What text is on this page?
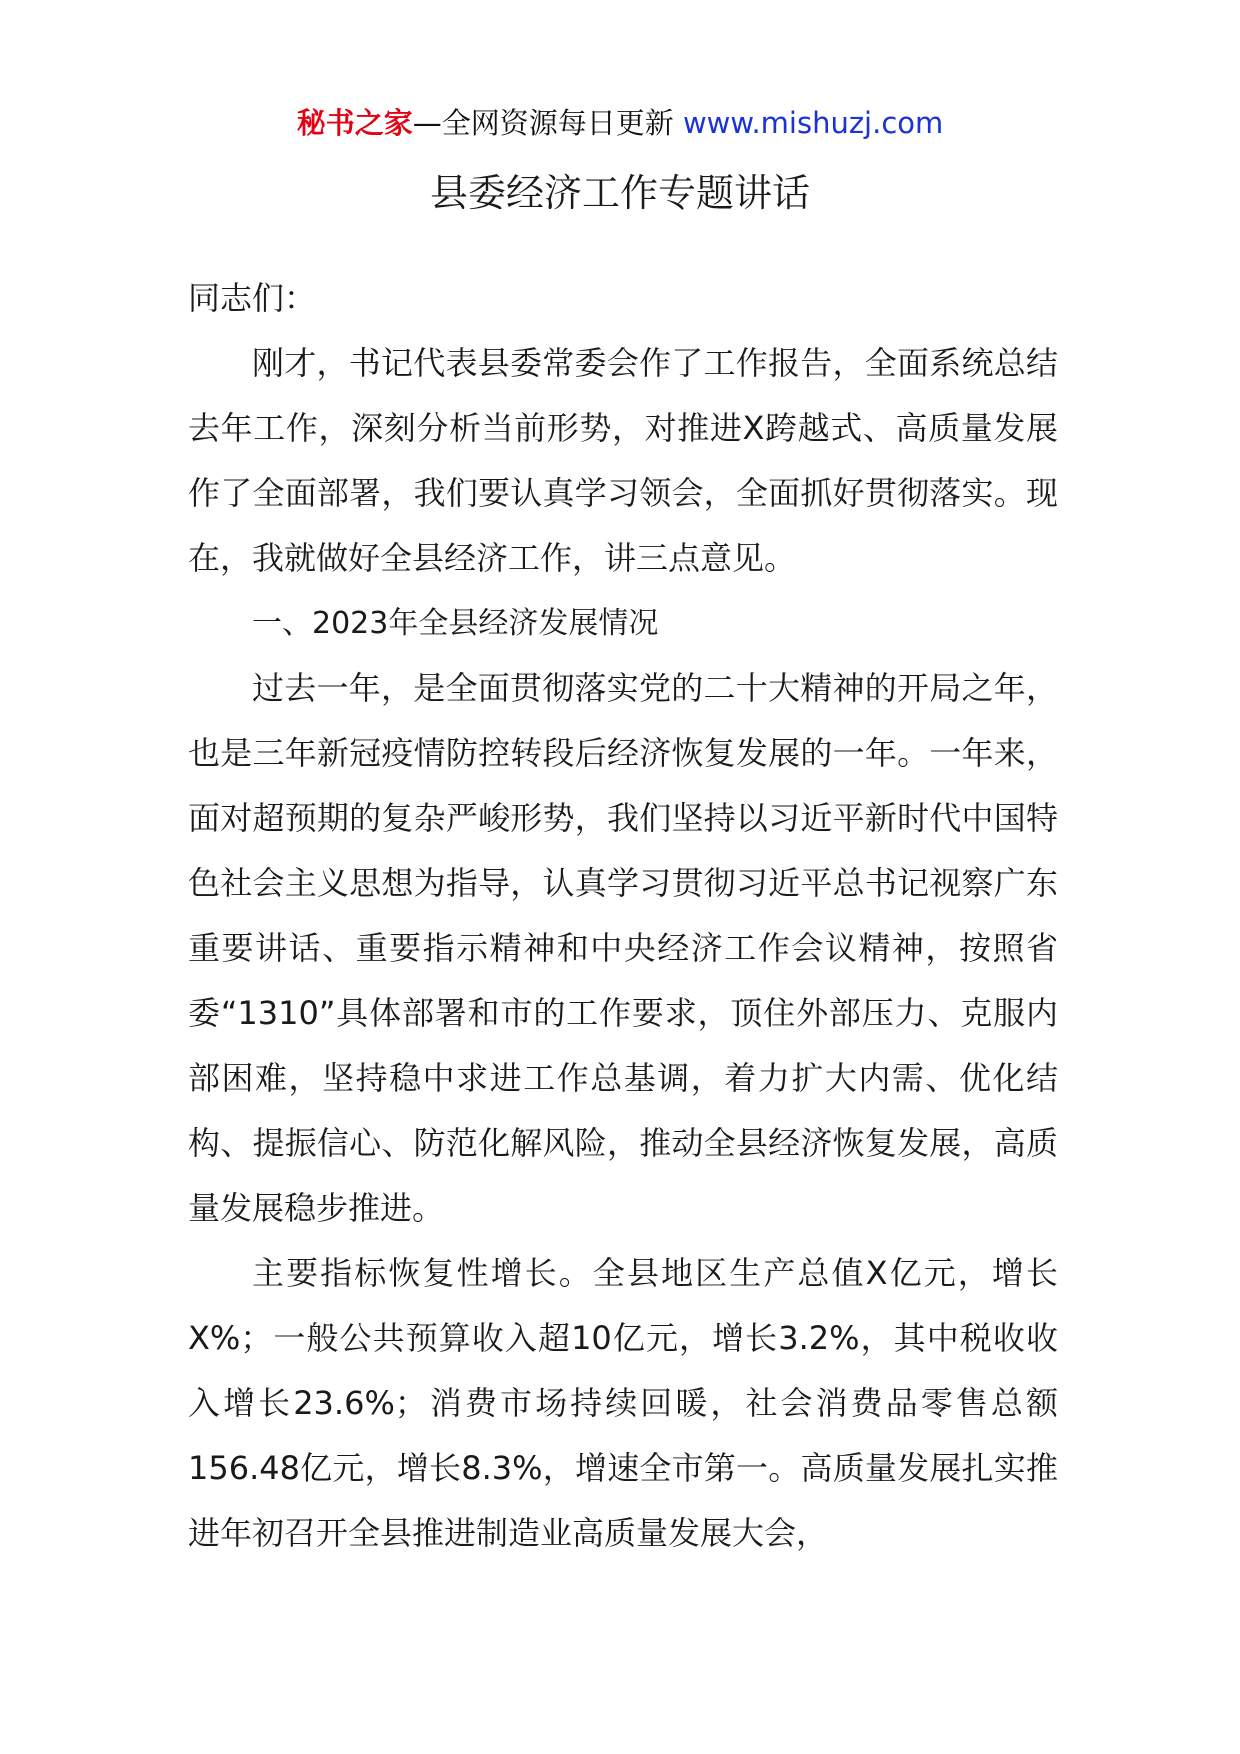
秘书之家—全网资源每日更新 www.mishuzj.com
县委经济工作专题讲话

同志们：

刚才，书记代表县委常委会作了工作报告，全面系统总结去年工作，深刻分析当前形势，对推进X跨越式、高质量发展作了全面部署，我们要认真学习领会，全面抓好贯彻落实。现在，我就做好全县经济工作，讲三点意见。

一、2023年全县经济发展情况

过去一年，是全面贯彻落实党的二十大精神的开局之年，也是三年新冠疫情防控转段后经济恢复发展的一年。一年来，面对超预期的复杂严峻形势，我们坚持以习近平新时代中国特色社会主义思想为指导，认真学习贯彻习近平总书记视察广东重要讲话、重要指示精神和中央经济工作会议精神，按照省委“1310”具体部署和市的工作要求，顶住外部压力、克服内部困难，坚持稳中求进工作总基调，着力扩大内需、优化结构、提振信心、防范化解风险，推动全县经济恢复发展，高质量发展稳步推进。

主要指标恢复性增长。全县地区生产总值X亿元，增长X%；一般公共预算收入超10亿元，增长3.2%，其中税收收入增长23.6%；消费市场持续回暖，社会消费品零售总额156.48亿元，增长8.3%，增速全市第一。高质量发展扎实推进年初召开全县推进制造业高质量发展大会，
